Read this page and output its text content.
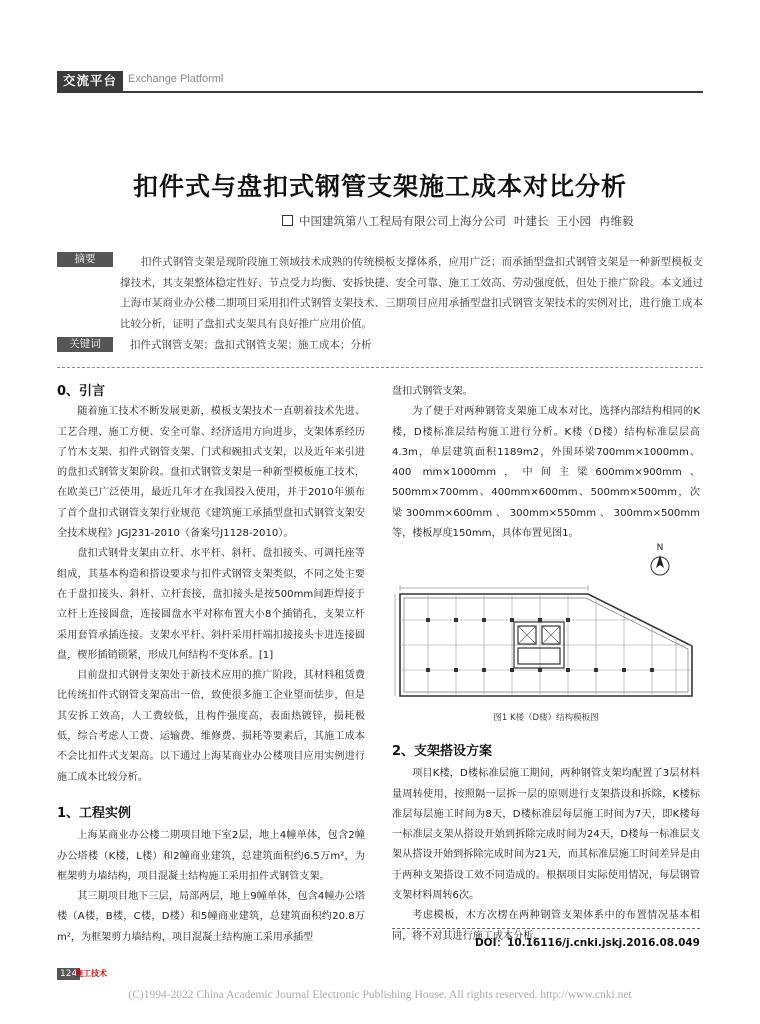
交流平台 Exchange Platforml
扣件式与盘扣式钢管支架施工成本对比分析
中国建筑第八工程局有限公司上海分公司 叶建长 王小园 冉维毅
摘要	扣件式钢管支架是现阶段施工领域技术成熟的传统模板支撑体系，应用广泛；而承插型盘扣式钢管支架是一种新型模板支撑技术，其支架整体稳定性好、节点受力均衡、安拆快捷、安全可靠、施工工效高、劳动强度低，但处于推广阶段。本文通过上海市某商业办公楼二期项目采用扣件式钢管支架技术、三期项目应用承插型盘扣式钢管支架技术的实例对比，进行施工成本比较分析，证明了盘扣式支架具有良好推广应用价值。
关键词	扣件式钢管支架；盘扣式钢管支架；施工成本；分析
0、引言

随着施工技术不断发展更新，模板支架技术一直朝着技术先进、工艺合理、施工方便、安全可靠、经济适用方向进步，支架体系经历了竹木支架、扣件式钢管支架、门式和碗扣式支架，以及近年来引进的盘扣式钢管支架阶段。盘扣式钢管支架是一种新型模板施工技术，在欧美已广泛使用，最近几年才在我国投入使用，并于2010年颁布了首个盘扣式钢管支架行业规范《建筑施工承插型盘扣式钢管支架安全技术规程》JGJ231-2010（备案号J1128-2010）。

盘扣式钢骨支架由立杆、水平杆、斜杆、盘扣接头、可调托座等组成，其基本构造和搭设要求与扣件式钢管支架类似，不同之处主要在于盘扣接头、斜杆、立杆套接，盘扣接头是按500mm间距焊接于立杆上连接圆盘，连接圆盘水平对称布置大小8个插销孔，支架立杆采用套管承插连接。支架水平杆、斜杆采用杆端扣接接头卡进连接圆盘，楔形插销锁紧，形成几何结构不变体系。[1]

目前盘扣式钢骨支架处于新技术应用的推广阶段，其材料租赁费比传统扣件式钢管支架高出一倍，致使很多施工企业望而怯步，但是其安拆工效高，人工费较低，且构件强度高，表面热镀锌，损耗极低，综合考虑人工费、运输费、维修费、损耗等要素后，其施工成本不会比扣件式支架高。以下通过上海某商业办公楼项目应用实例进行施工成本比较分析。

1、工程实例

上海某商业办公楼二期项目地下室2层，地上4幢单体，包含2幢办公塔楼（K楼，L楼）和2幢商业建筑，总建筑面积约6.5万m²，为框架剪力墙结构，项目混凝土结构施工采用扣件式钢管支架。

其三期项目地下三层，局部两层，地上9幢单体，包含4幢办公塔楼（A楼，B楼，C楼，D楼）和5幢商业建筑，总建筑面积约20.8万m²，为框架剪力墙结构，项目混凝土结构施工采用承插型

盘扣式钢管支架。

为了便于对两种钢管支架施工成本对比，选择内部结构相同的K楼，D楼标准层结构施工进行分析。K楼（D楼）结构标准层层高4.3m，单层建筑面积1189m2，外围环梁700mm×1000mm、400 mm×1000mm，中间主梁600mm×900mm、500mm×700mm、400mm×600mm、500mm×500mm，次梁300mm×600mm、300mm×550mm、300mm×500mm等，楼板厚度150mm，具体布置见图1。

N
图1 K楼（D楼）结构模板图
2、支架搭设方案

项目K楼，D楼标准层施工期间，两种钢管支架均配置了3层材料量周转使用，按照隔一层拆一层的原则进行支架搭设和拆除，K楼标准层每层施工时间为8天，D楼标准层每层施工时间为7天，即K楼每一标准层支架从搭设开始到拆除完成时间为24天，D楼每一标准层支架从搭设开始到拆除完成时间为21天，而其标准层施工时间差异是由于两种支架搭设工效不同造成的。根据项目实际使用情况，每层钢管支架材料周转6次。

考虑模板，木方次楞在两种钢管支架体系中的布置情况基本相同，将不对其进行施工成本分析。

DOI：10.16116/j.cnki.jskj.2016.08.049
124
施工技术
(C)1994-2022 China Academic Journal Electronic Publishing House. All rights reserved. http://www.cnki.net
